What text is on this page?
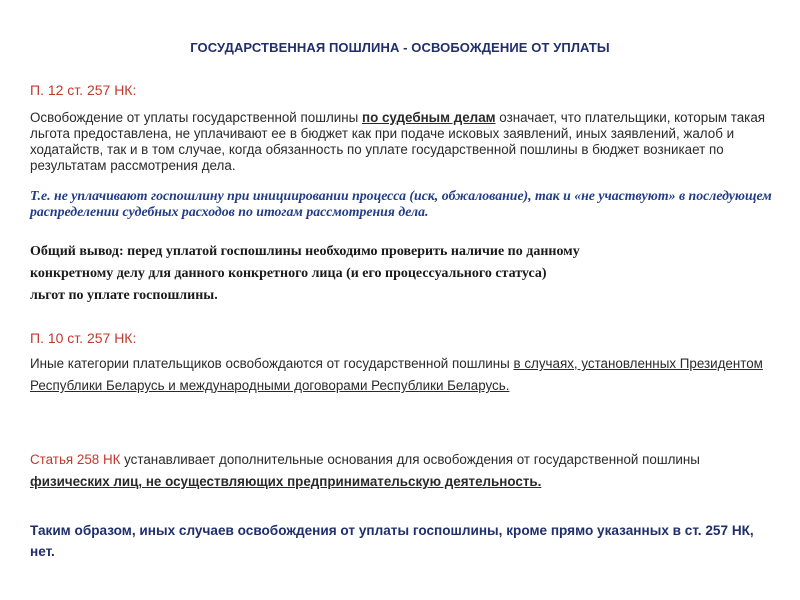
ГОСУДАРСТВЕННАЯ ПОШЛИНА - ОСВОБОЖДЕНИЕ ОТ УПЛАТЫ
П. 12 ст. 257 НК:
Освобождение от уплаты государственной пошлины по судебным делам означает, что плательщики, которым такая льгота предоставлена, не уплачивают ее в бюджет как при подаче исковых заявлений, иных заявлений, жалоб и ходатайств, так и в том случае, когда обязанность по уплате государственной пошлины в бюджет возникает по результатам рассмотрения дела.
Т.е. не уплачивают госпошлину при инициировании процесса (иск, обжалование), так и «не участвуют» в последующем распределении судебных расходов по итогам рассмотрения дела.
Общий вывод: перед уплатой госпошлины необходимо проверить наличие по данному
конкретному делу для данного конкретного лица (и его процессуального статуса)
льгот по уплате госпошлины.
П. 10 ст. 257 НК:
Иные категории плательщиков освобождаются от государственной пошлины в случаях, установленных Президентом Республики Беларусь и международными договорами Республики Беларусь.
Статья 258 НК устанавливает дополнительные основания для освобождения от государственной пошлины физических лиц, не осуществляющих предпринимательскую деятельность.
Таким образом, иных случаев освобождения от уплаты госпошлины, кроме прямо указанных в ст. 257 НК, нет.
